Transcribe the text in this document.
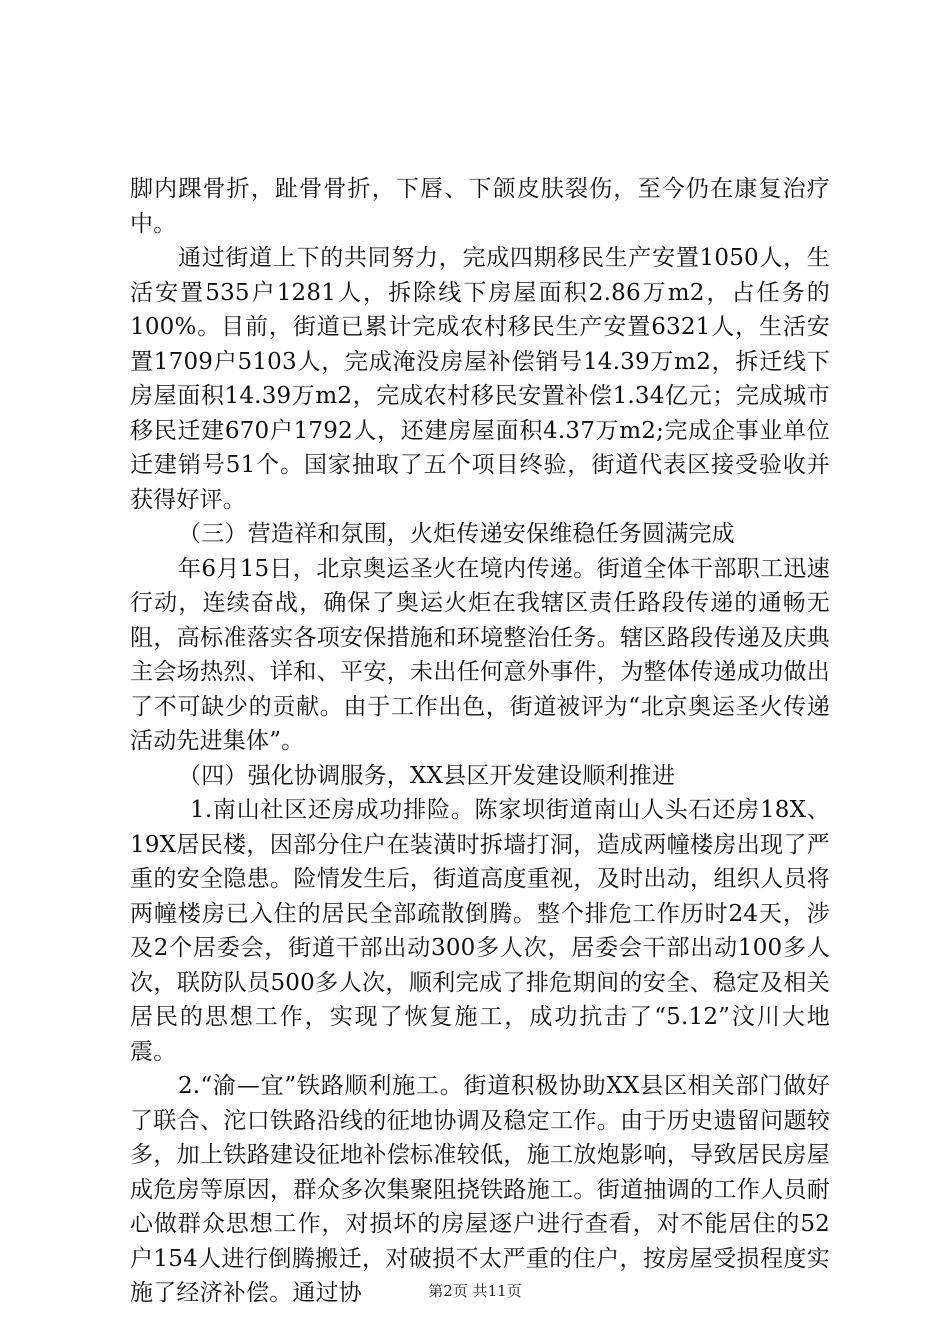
脚内踝骨折，趾骨骨折，下唇、下颌皮肤裂伤，至今仍在康复治疗中。

通过街道上下的共同努力，完成四期移民生产安置1050人，生活安置535户1281人，拆除线下房屋面积2.86万m2，占任务的100%。目前，街道已累计完成农村移民生产安置6321人，生活安置1709户5103人，完成淹没房屋补偿销号14.39万m2，拆迁线下房屋面积14.39万m2，完成农村移民安置补偿1.34亿元；完成城市移民迁建670户1792人，还建房屋面积4.37万m2;完成企事业单位迁建销号51个。国家抽取了五个项目终验，街道代表区接受验收并获得好评。

（三）营造祥和氛围，火炬传递安保维稳任务圆满完成

年6月15日，北京奥运圣火在境内传递。街道全体干部职工迅速行动，连续奋战，确保了奥运火炬在我辖区责任路段传递的通畅无阻，高标准落实各项安保措施和环境整治任务。辖区路段传递及庆典主会场热烈、详和、平安，未出任何意外事件，为整体传递成功做出了不可缺少的贡献。由于工作出色，街道被评为“北京奥运圣火传递活动先进集体”。

（四）强化协调服务，XX县区开发建设顺利推进

1.南山社区还房成功排险。陈家坝街道南山人头石还房18X、19X居民楼，因部分住户在装潢时拆墙打洞，造成两幢楼房出现了严重的安全隐患。险情发生后，街道高度重视，及时出动，组织人员将两幢楼房已入住的居民全部疏散倒腾。整个排危工作历时24天，涉及2个居委会，街道干部出动300多人次，居委会干部出动100多人次，联防队员500多人次，顺利完成了排危期间的安全、稳定及相关居民的思想工作，实现了恢复施工，成功抗击了“5.12”汶川大地震。

2.“渝—宜”铁路顺利施工。街道积极协助XX县区相关部门做好了联合、沱口铁路沿线的征地协调及稳定工作。由于历史遗留问题较多，加上铁路建设征地补偿标准较低，施工放炮影响，导致居民房屋成危房等原因，群众多次集聚阻挠铁路施工。街道抽调的工作人员耐心做群众思想工作，对损坏的房屋逐户进行查看，对不能居住的52户154人进行倒腾搬迁，对破损不太严重的住户，按房屋受损程度实施了经济补偿。通过协	第2页 共11页
